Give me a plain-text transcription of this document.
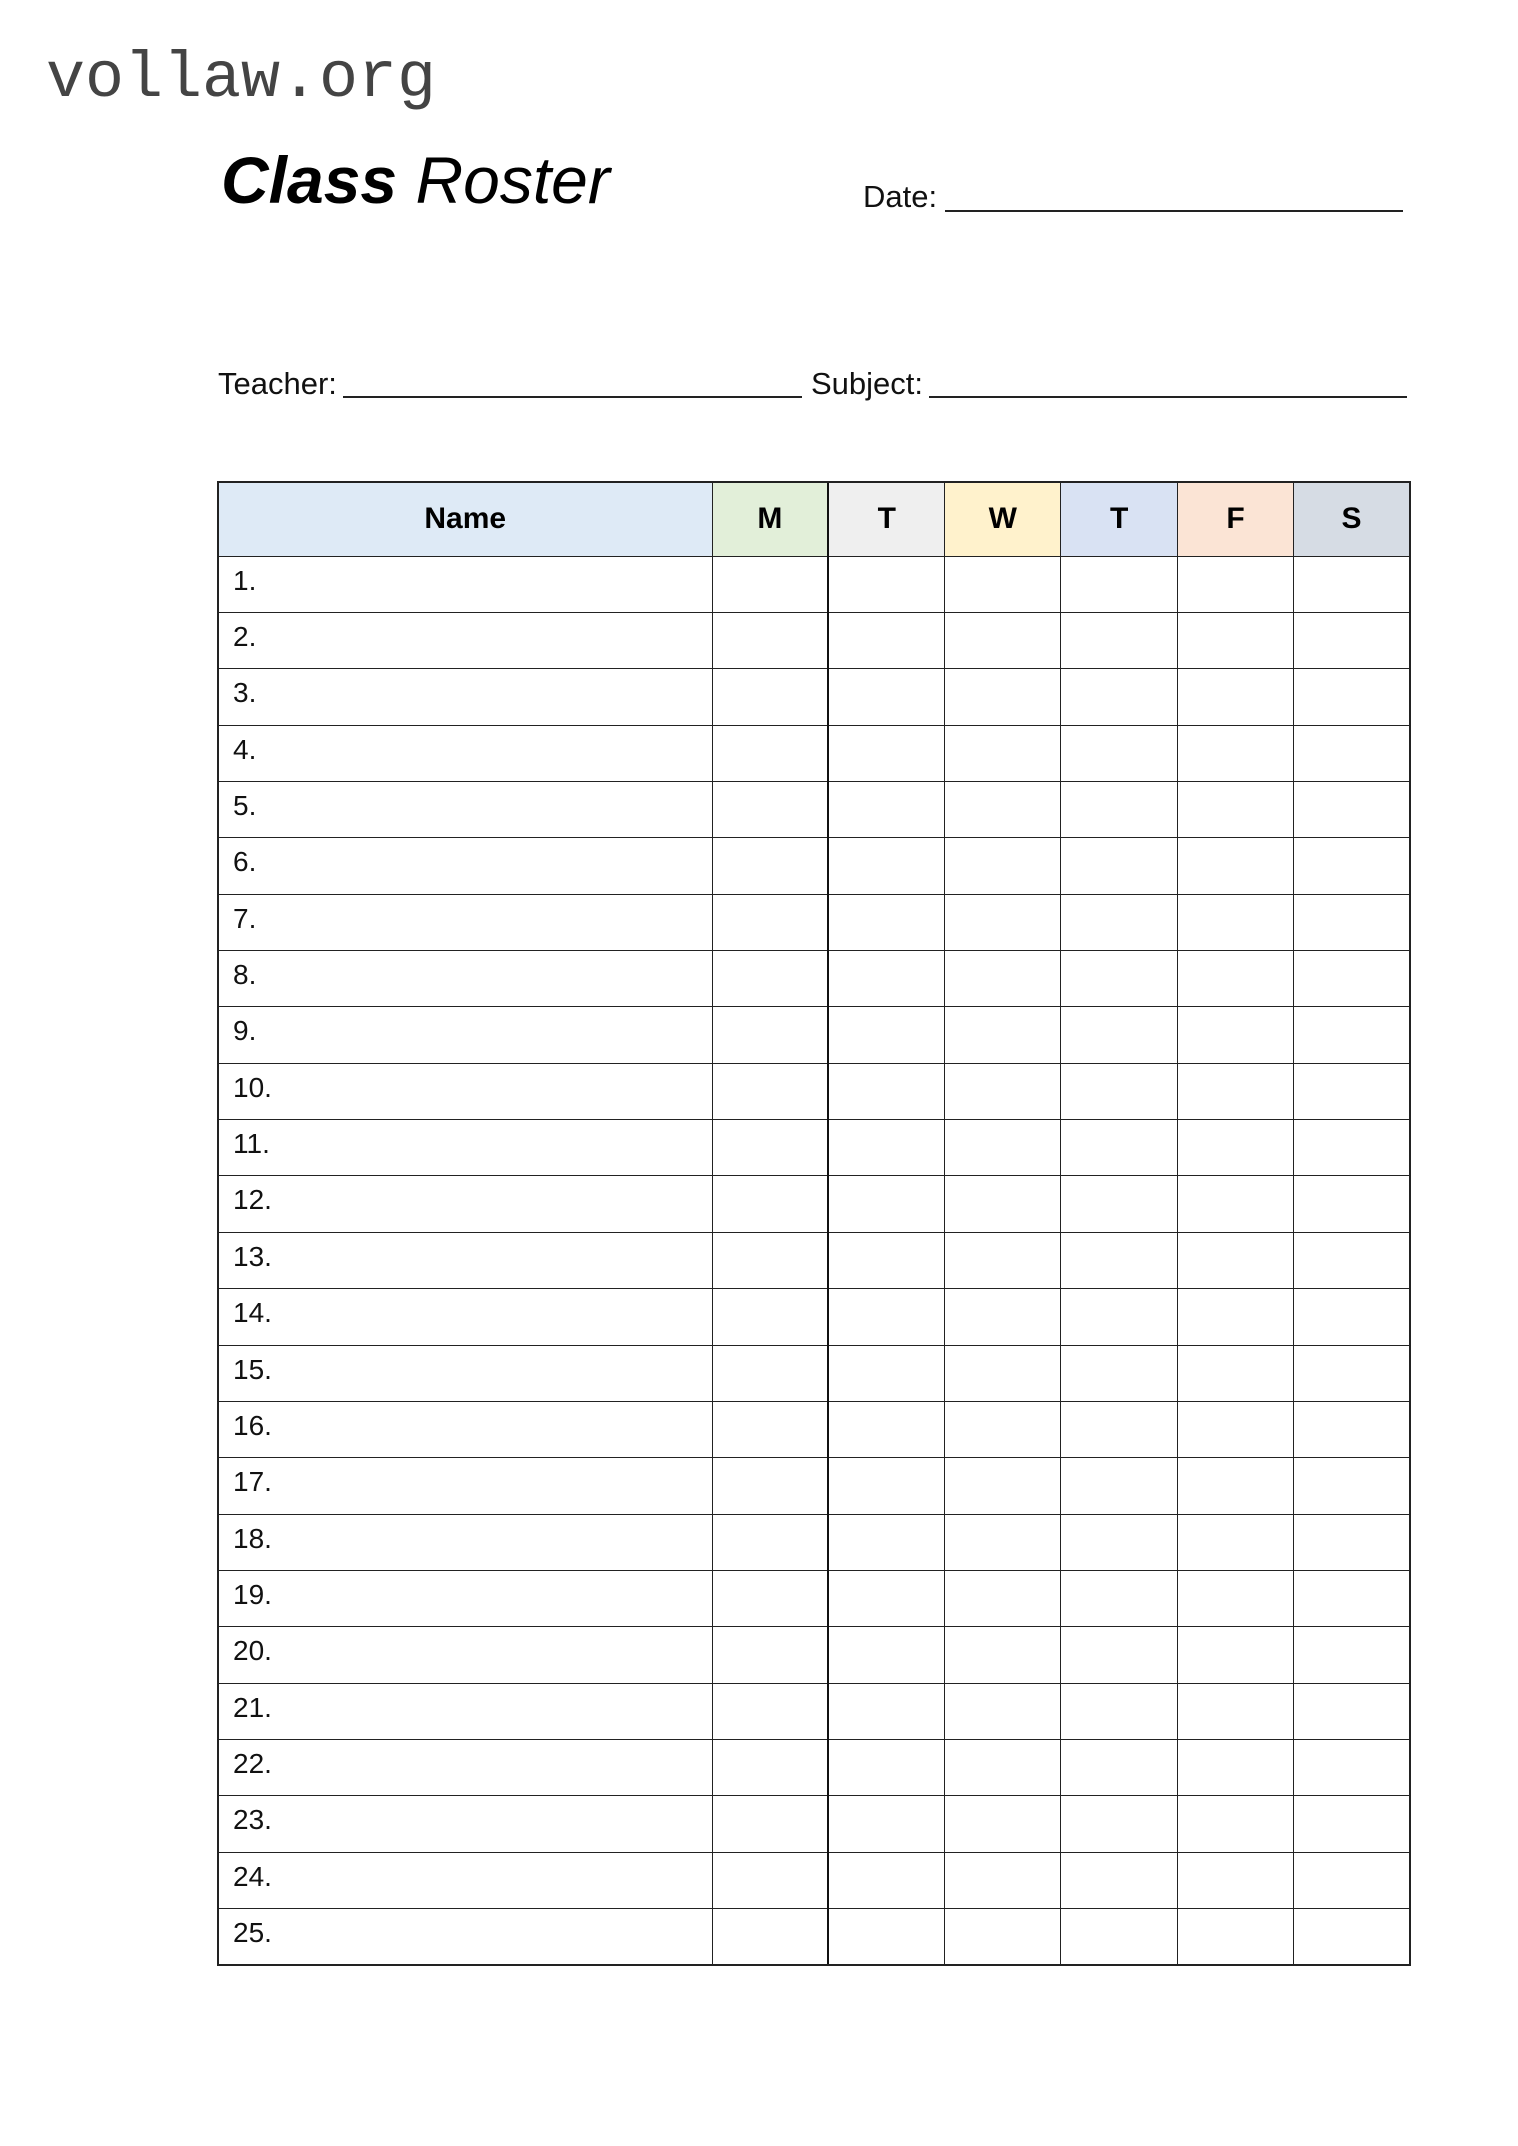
vollaw.org
Class Roster	Date:
Teacher:	Subject:
Name	M	T	W	T	F	S
1.						
2.						
3.						
4.						
5.						
6.						
7.						
8.						
9.						
10.						
11.						
12.						
13.						
14.						
15.						
16.						
17.						
18.						
19.						
20.						
21.						
22.						
23.						
24.						
25.						
